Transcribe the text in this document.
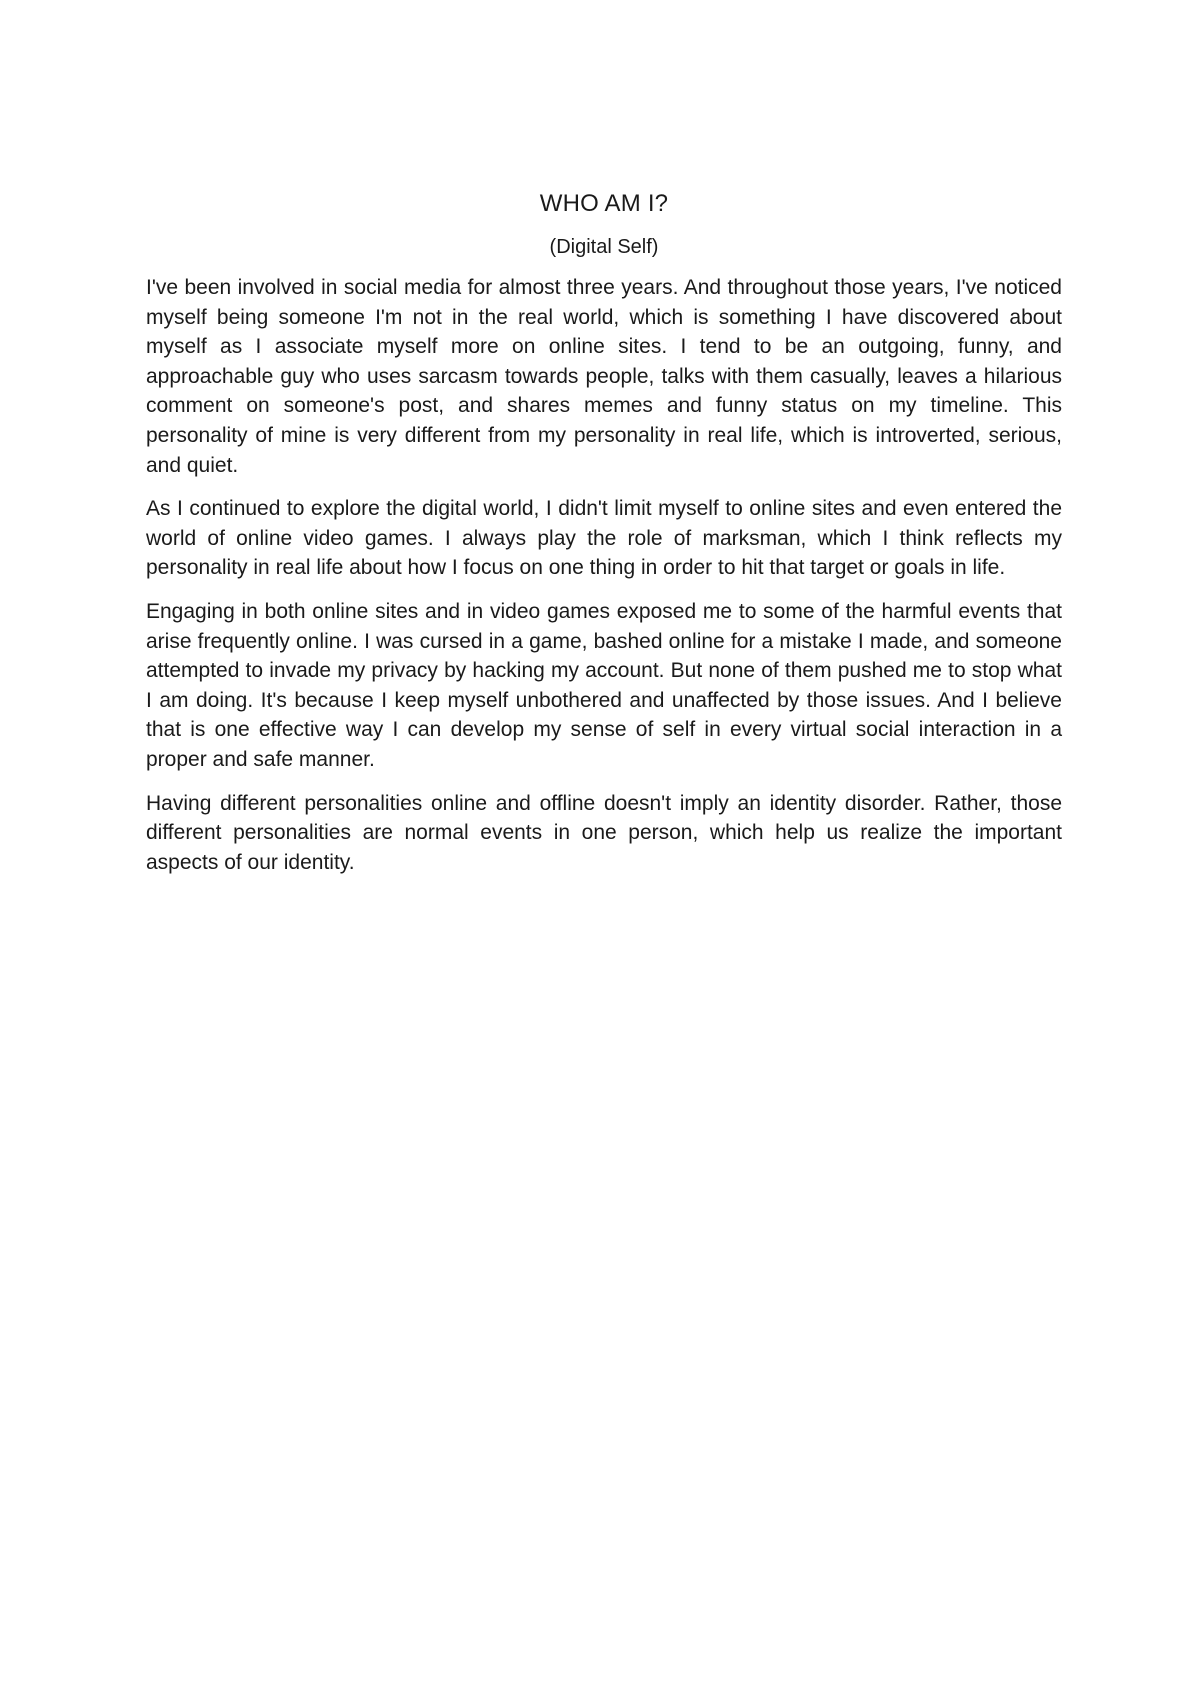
WHO AM I?

(Digital Self)

I've been involved in social media for almost three years. And throughout those years, I've noticed myself being someone I'm not in the real world, which is something I have discovered about myself as I associate myself more on online sites. I tend to be an outgoing, funny, and approachable guy who uses sarcasm towards people, talks with them casually, leaves a hilarious comment on someone's post, and shares memes and funny status on my timeline. This personality of mine is very different from my personality in real life, which is introverted, serious, and quiet.

As I continued to explore the digital world, I didn't limit myself to online sites and even entered the world of online video games. I always play the role of marksman, which I think reflects my personality in real life about how I focus on one thing in order to hit that target or goals in life.

Engaging in both online sites and in video games exposed me to some of the harmful events that arise frequently online. I was cursed in a game, bashed online for a mistake I made, and someone attempted to invade my privacy by hacking my account. But none of them pushed me to stop what I am doing. It's because I keep myself unbothered and unaffected by those issues. And I believe that is one effective way I can develop my sense of self in every virtual social interaction in a proper and safe manner.

Having different personalities online and offline doesn't imply an identity disorder. Rather, those different personalities are normal events in one person, which help us realize the important aspects of our identity.
